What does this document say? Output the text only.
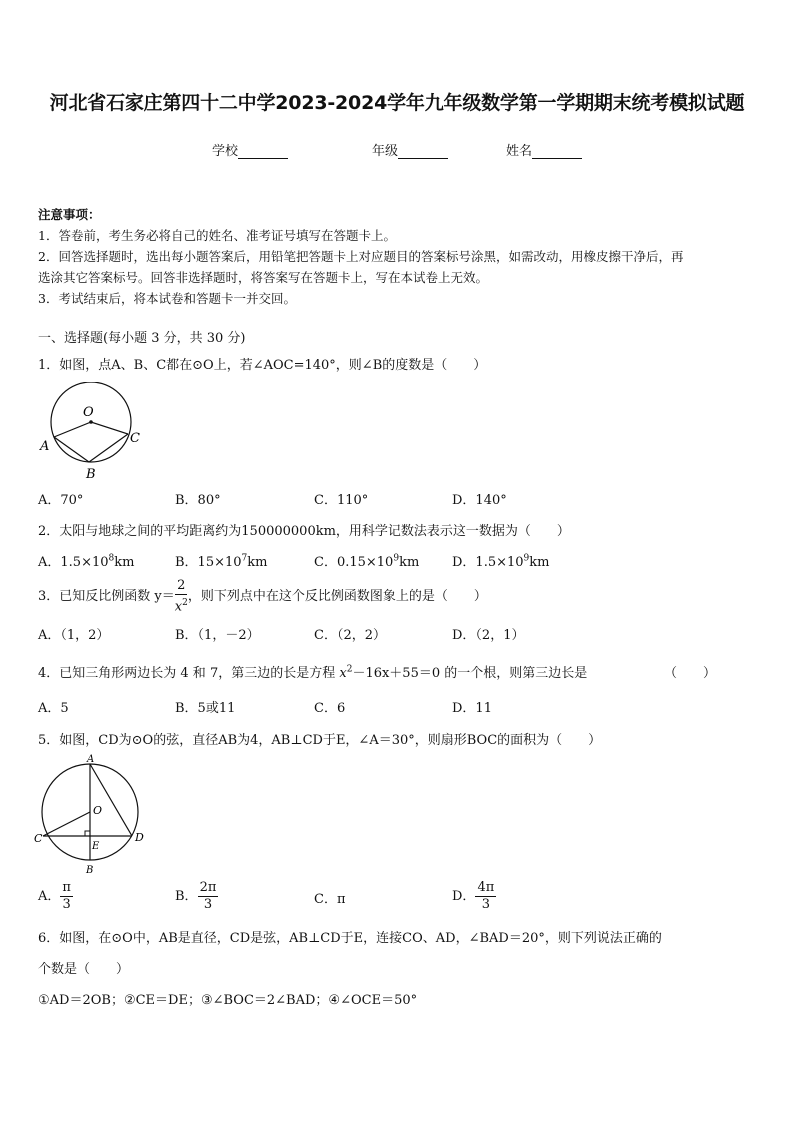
河北省石家庄第四十二中学2023-2024学年九年级数学第一学期期末统考模拟试题
学校	年级	姓名
注意事项：
1．答卷前，考生务必将自己的姓名、准考证号填写在答题卡上。
2．回答选择题时，选出每小题答案后，用铅笔把答题卡上对应题目的答案标号涂黑，如需改动，用橡皮擦干净后，再
选涂其它答案标号。回答非选择题时，将答案写在答题卡上，写在本试卷上无效。
3．考试结束后，将本试卷和答题卡一并交回。
一、选择题(每小题 3 分，共 30 分)
1．如图，点A、B、C都在⊙O上，若∠AOC=140°，则∠B的度数是（　　）
O
A
B
C
A．70°	B．80°	C．110°	D．140°
2．太阳与地球之间的平均距离约为150000000km，用科学记数法表示这一数据为（　　）
A．$1.5\times 10^8km$	B．$15\times 10^7km$	C．$0.15\times 10^9km$	D．$1.5\times 10^9km$
3．已知反比例函数 $y= \frac{2}{x^2}$ ，则下列点中在这个反比例函数图象上的是（　　）
A．（1，2）	B．（1，－2）	C．（2，2）	D．（2，1）
4．已知三角形两边长为 4 和 7，第三边的长是方程 $x^2-16x+55=0$ 的一个根，则第三边长是	（　　）
A．5	B．5或11	C．6	D．11
5．如图，CD为⊙O的弦，直径AB为4，AB⊥CD于E，∠A＝30°，则扇形BOC的面积为（　　）
A
O
C	D
E
B
A． $\frac{\pi}{3}$	B． $\frac{2\pi}{3}$	C．π	D． $\frac{4\pi}{3}$
6．如图，在⊙O中，AB是直径，CD是弦，AB⊥CD于E，连接CO、AD，∠BAD＝20°，则下列说法正确的
个数是（　　）
①AD＝2OB；②CE＝DE；③∠BOC＝2∠BAD；④∠OCE＝50°
